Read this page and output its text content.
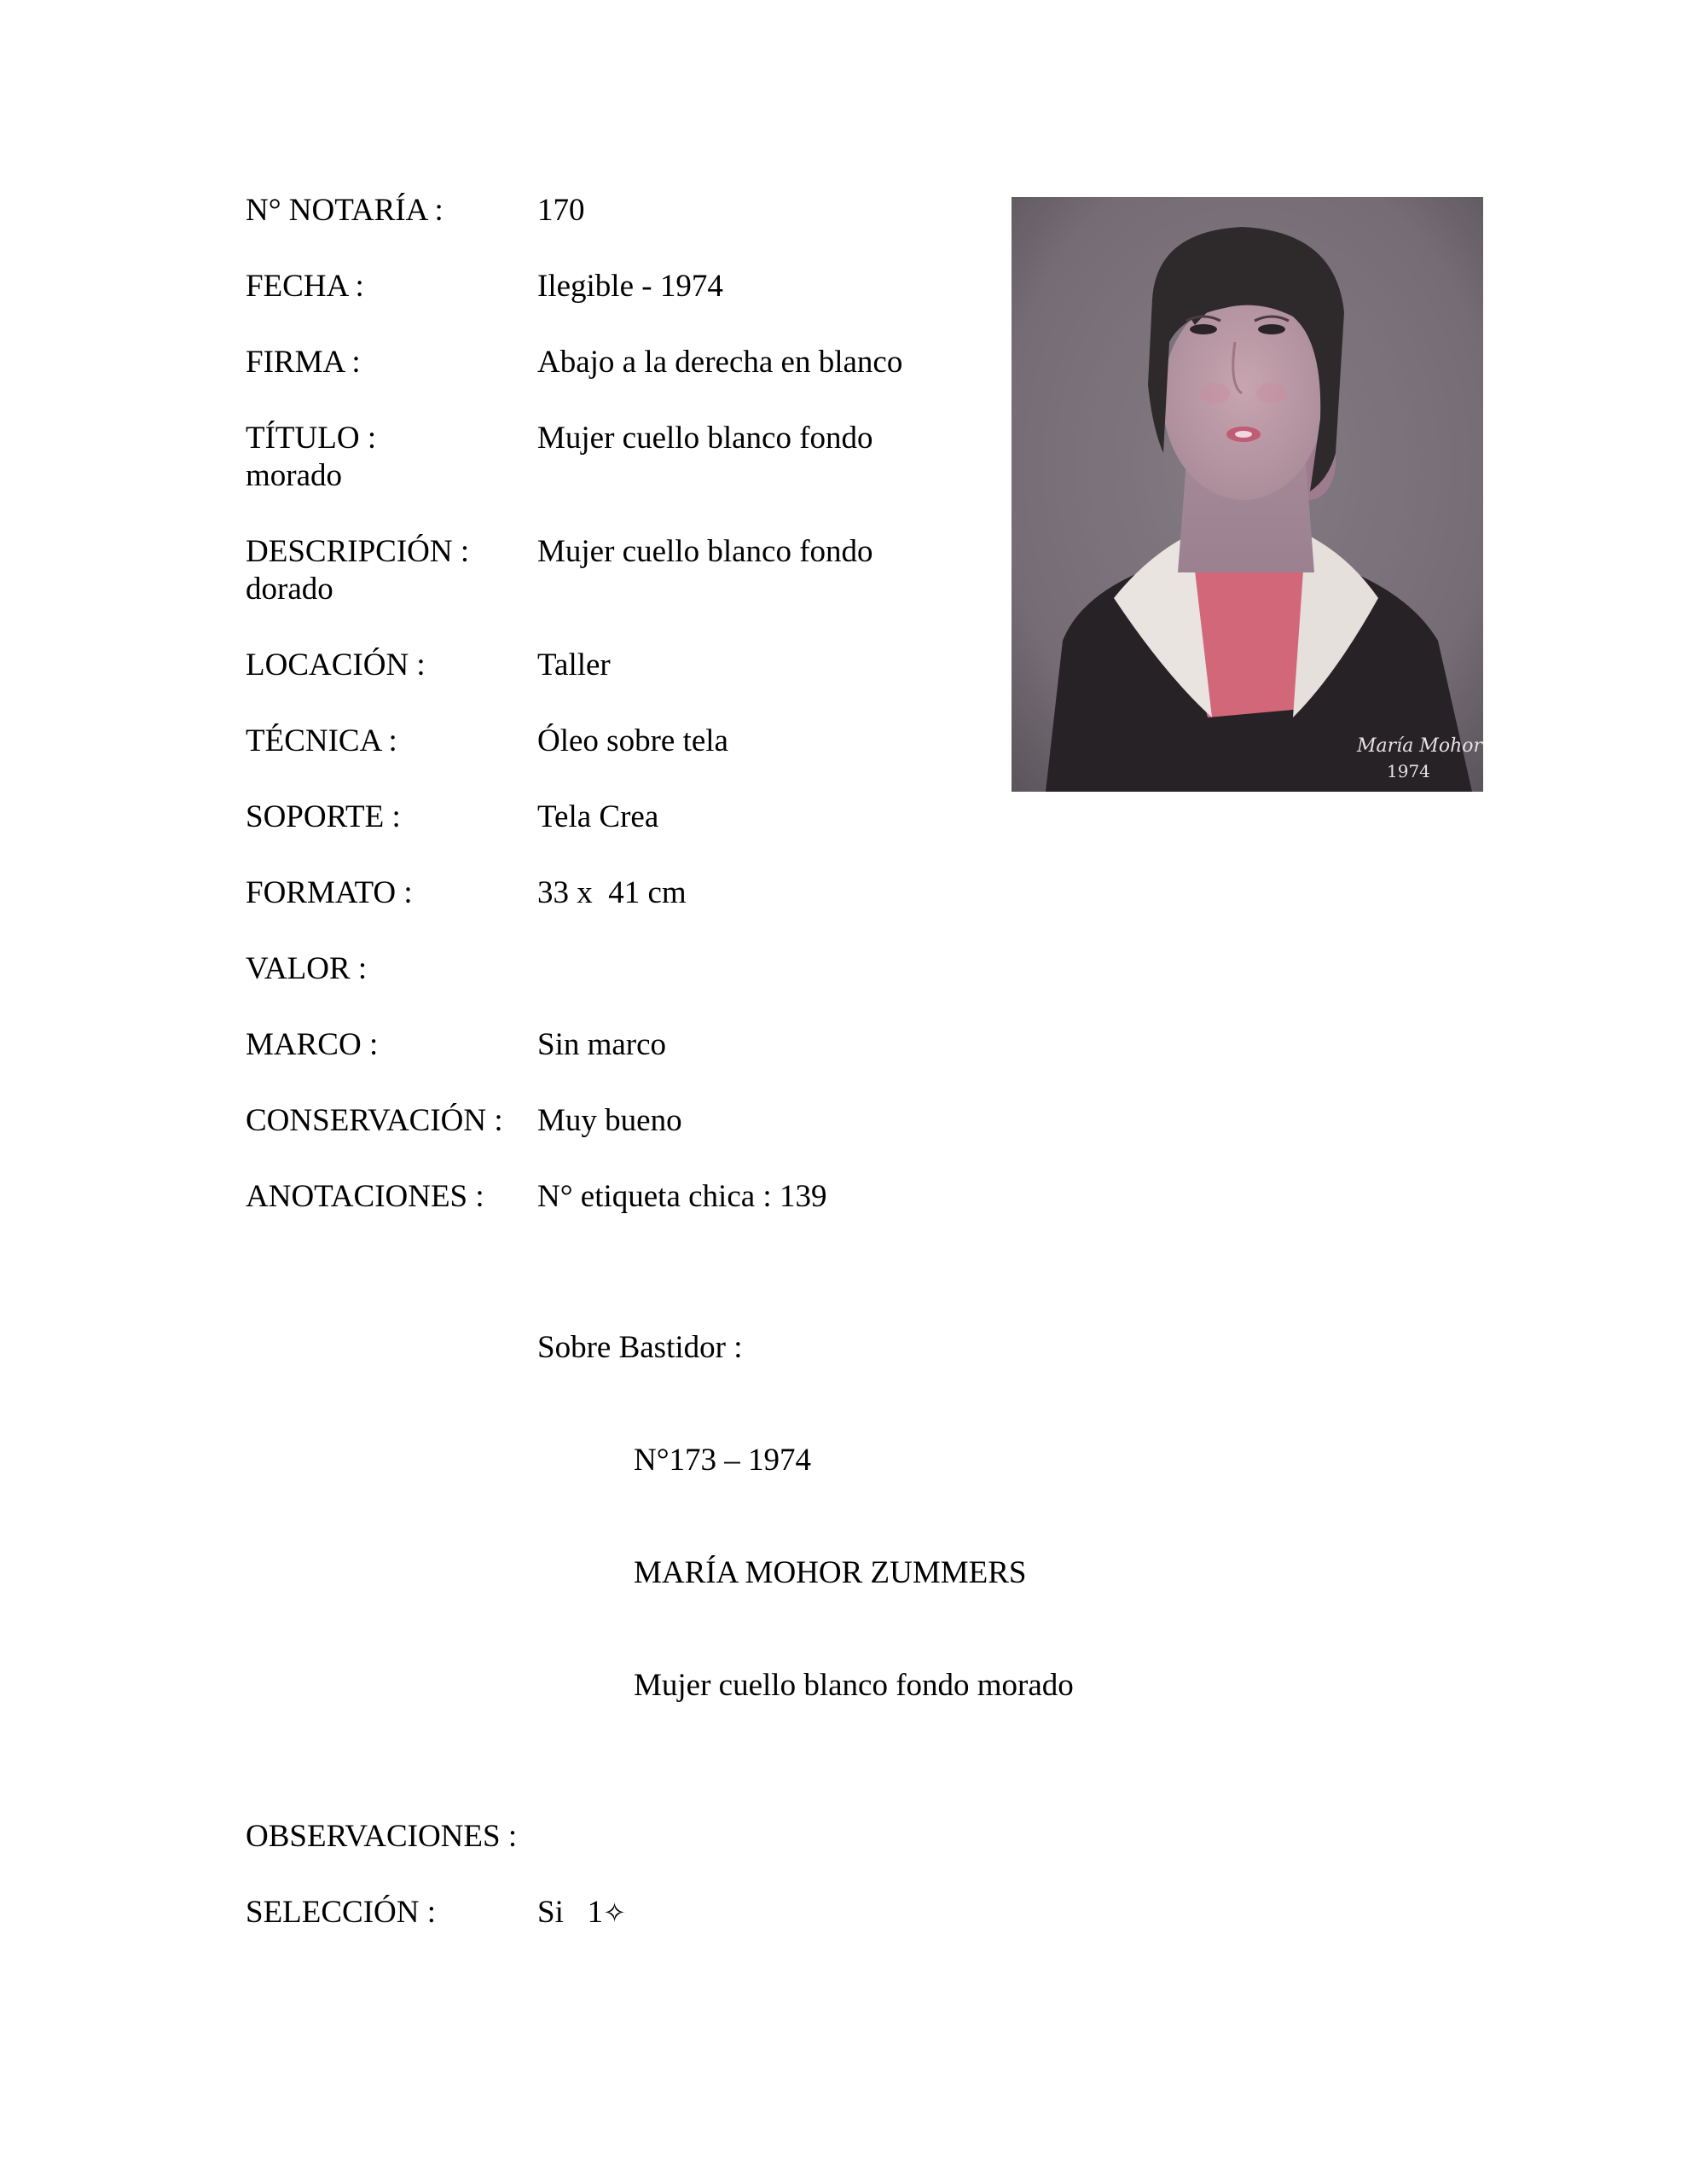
N° NOTARÍA :	170
FECHA :	Ilegible - 1974
FIRMA :	Abajo a la derecha en blanco
TÍTULO :	Mujer cuello blanco fondo
morado
DESCRIPCIÓN :	Mujer cuello blanco fondo
dorado
LOCACIÓN :	Taller
TÉCNICA :	Óleo sobre tela
SOPORTE :	Tela Crea
FORMATO :	33 x  41 cm
VALOR :
MARCO :	Sin marco
CONSERVACIÓN :	Muy bueno
ANOTACIONES :	N° etiqueta chica : 139

Sobre Bastidor :

N°173 – 1974

MARÍA MOHOR ZUMMERS

Mujer cuello blanco fondo morado

OBSERVACIONES :
SELECCIÓN :	Si   1✧
María Mohor
1974
